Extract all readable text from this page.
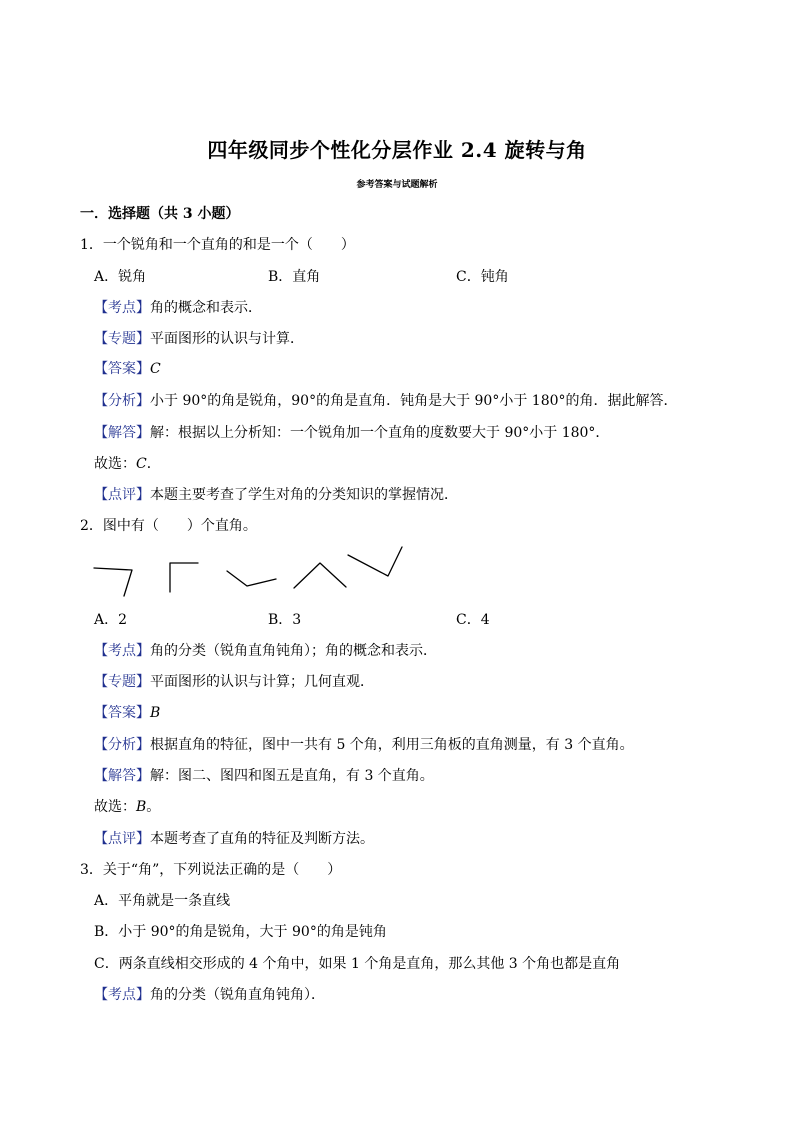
四年级同步个性化分层作业 2.4 旋转与角
参考答案与试题解析
一．选择题（共 3 小题）
1．一个锐角和一个直角的和是一个（　　）
A．锐角	B．直角	C．钝角
【考点】角的概念和表示．
【专题】平面图形的认识与计算．
【答案】C
【分析】小于 90°的角是锐角，90°的角是直角．钝角是大于 90°小于 180°的角．据此解答．
【解答】解：根据以上分析知：一个锐角加一个直角的度数要大于 90°小于 180°．
故选：C．
【点评】本题主要考查了学生对角的分类知识的掌握情况．
2．图中有（　　）个直角。
A．2	B．3	C．4
【考点】角的分类（锐角直角钝角）；角的概念和表示．
【专题】平面图形的认识与计算；几何直观．
【答案】B
【分析】根据直角的特征，图中一共有 5 个角，利用三角板的直角测量，有 3 个直角。
【解答】解：图二、图四和图五是直角，有 3 个直角。
故选：B。
【点评】本题考查了直角的特征及判断方法。
3．关于“角”，下列说法正确的是（　　）
A．平角就是一条直线
B．小于 90°的角是锐角，大于 90°的角是钝角
C．两条直线相交形成的 4 个角中，如果 1 个角是直角，那么其他 3 个角也都是直角
【考点】角的分类（锐角直角钝角）．
